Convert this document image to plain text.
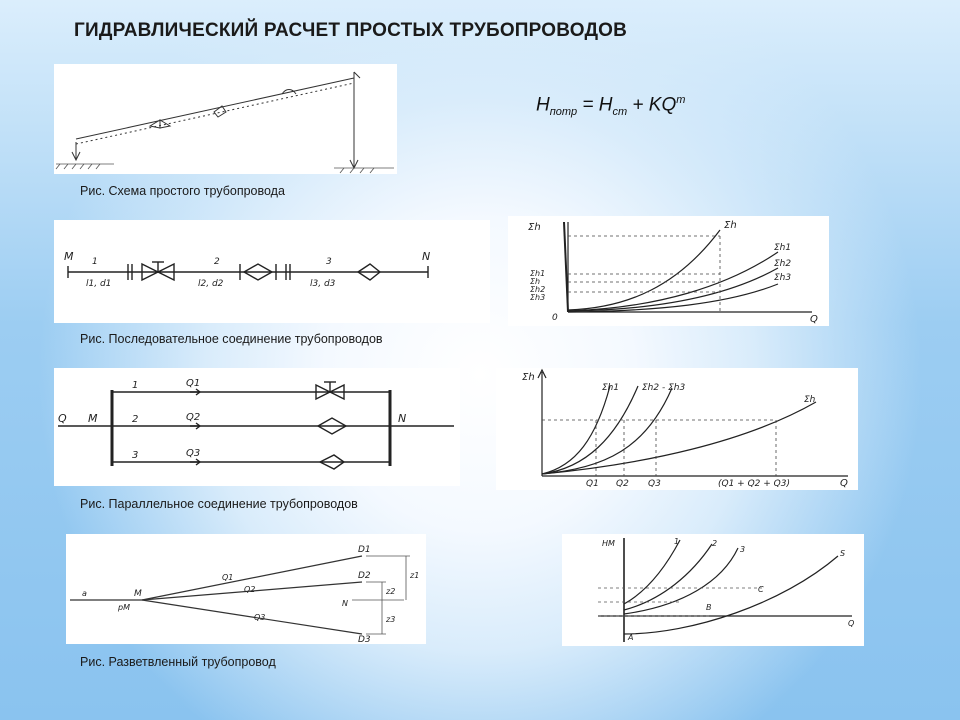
ГИДРАВЛИЧЕСКИЙ РАСЧЕТ ПРОСТЫХ ТРУБОПРОВОДОВ
$H_{потр} = H_{ст} + KQ^m$
Рис. Схема простого трубопровода
M	N
1
l1, d1
2
l2, d2
3
l3, d3
Рис. Последовательное соединение трубопроводов
Σh	Σh
Σh1
Σh2
Σh3
Σh1
Σh
Σh2
Σh3
0	Q
Q M	N
1
2
3
Q1
Q2
Q3
Рис. Параллельное соединение трубопроводов
Σh
Σh1	Σh2 - Σh3
Σh
Q1 Q2 Q3	(Q1 + Q2 + Q3)	Q
a	M
pM
D1
D2
D3
N
Q1
Q2
Q3
z1
z2
z3
Рис. Разветвленный трубопровод
HM	1	2
3	S
A
B
C
Q
